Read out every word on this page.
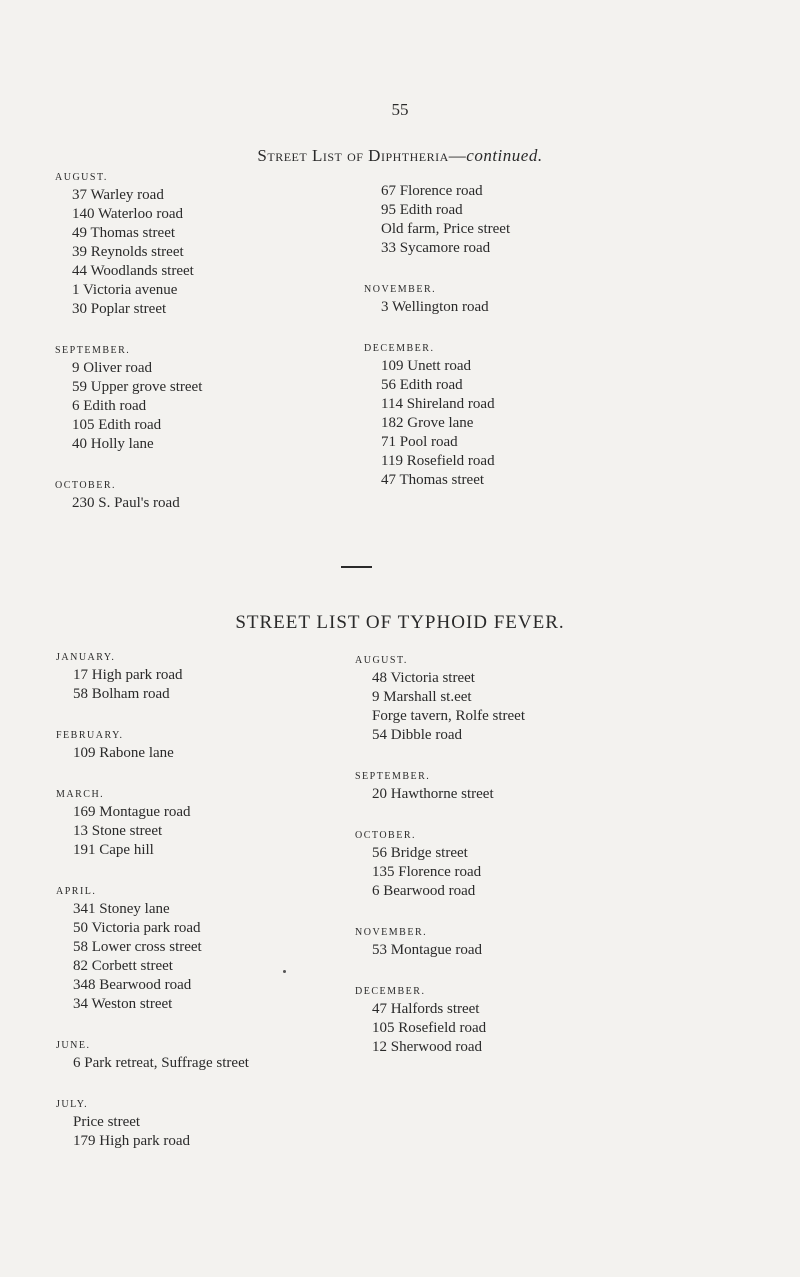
55
Street List of Diphtheria—continued.
AUGUST.
37 Warley road
140 Waterloo road
49 Thomas street
39 Reynolds street
44 Woodlands street
1 Victoria avenue
30 Poplar street
SEPTEMBER.
9 Oliver road
59 Upper grove street
6 Edith road
105 Edith road
40 Holly lane
OCTOBER.
230 S. Paul's road
67 Florence road
95 Edith road
Old farm, Price street
33 Sycamore road
NOVEMBER.
3 Wellington road
DECEMBER.
109 Unett road
56 Edith road
114 Shireland road
182 Grove lane
71 Pool road
119 Rosefield road
47 Thomas street
STREET LIST OF TYPHOID FEVER.
JANUARY.
17 High park road
58 Bolham road
FEBRUARY.
109 Rabone lane
MARCH.
169 Montague road
13 Stone street
191 Cape hill
APRIL.
341 Stoney lane
50 Victoria park road
58 Lower cross street
82 Corbett street
348 Bearwood road
34 Weston street
JUNE.
6 Park retreat, Suffrage street
JULY.
Price street
179 High park road
AUGUST.
48 Victoria street
9 Marshall st.eet
Forge tavern, Rolfe street
54 Dibble road
SEPTEMBER.
20 Hawthorne street
OCTOBER.
56 Bridge street
135 Florence road
6 Bearwood road
NOVEMBER.
53 Montague road
DECEMBER.
47 Halfords street
105 Rosefield road
12 Sherwood road
